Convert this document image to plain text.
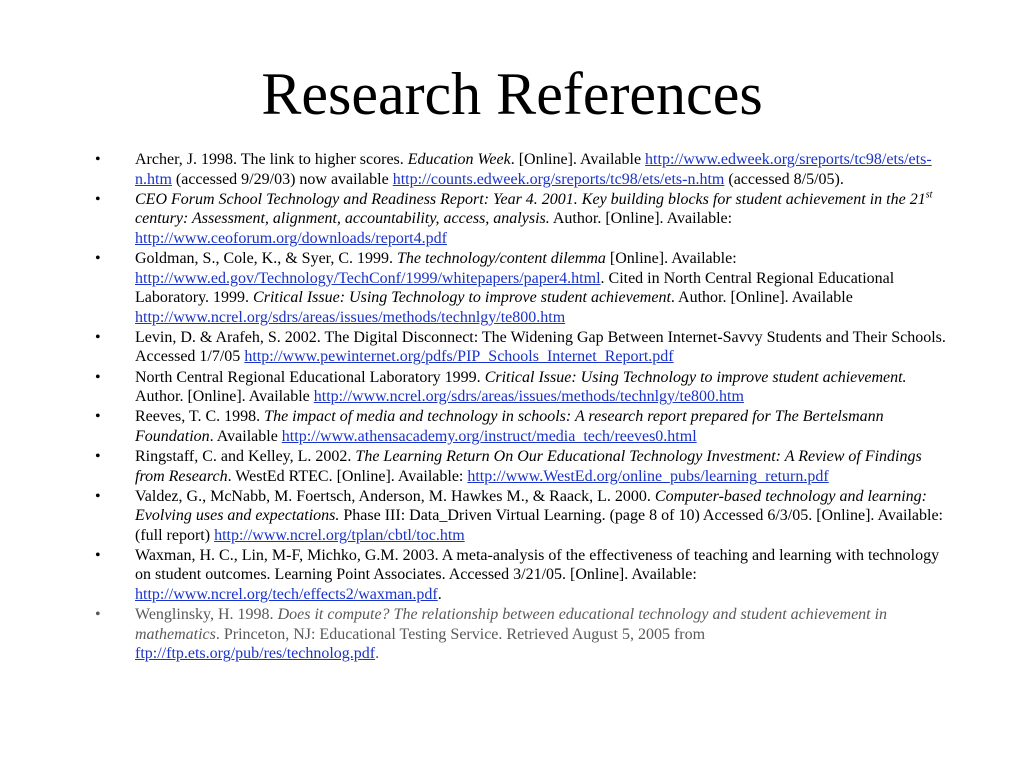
Research References
•	Archer, J. 1998. The link to higher scores. Education Week. [Online]. Available http://www.edweek.org/sreports/tc98/ets/ets-n.htm (accessed 9/29/03) now available http://counts.edweek.org/sreports/tc98/ets/ets-n.htm (accessed 8/5/05).
•	CEO Forum School Technology and Readiness Report: Year 4. 2001. Key building blocks for student achievement in the 21st century: Assessment, alignment, accountability, access, analysis. Author. [Online]. Available: http://www.ceoforum.org/downloads/report4.pdf
•	Goldman, S., Cole, K., & Syer, C. 1999. The technology/content dilemma [Online]. Available: http://www.ed.gov/Technology/TechConf/1999/whitepapers/paper4.html. Cited in North Central Regional Educational Laboratory. 1999. Critical Issue: Using Technology to improve student achievement. Author. [Online]. Available http://www.ncrel.org/sdrs/areas/issues/methods/technlgy/te800.htm
•	Levin, D. & Arafeh, S. 2002. The Digital Disconnect: The Widening Gap Between Internet-Savvy Students and Their Schools. Accessed 1/7/05 http://www.pewinternet.org/pdfs/PIP_Schools_Internet_Report.pdf
•	North Central Regional Educational Laboratory 1999. Critical Issue: Using Technology to improve student achievement. Author. [Online]. Available http://www.ncrel.org/sdrs/areas/issues/methods/technlgy/te800.htm
•	Reeves, T. C. 1998. The impact of media and technology in schools: A research report prepared for The Bertelsmann Foundation. Available http://www.athensacademy.org/instruct/media_tech/reeves0.html
•	Ringstaff, C. and Kelley, L. 2002. The Learning Return On Our Educational Technology Investment: A Review of Findings from Research. WestEd RTEC. [Online]. Available: http://www.WestEd.org/online_pubs/learning_return.pdf
•	Valdez, G., McNabb, M. Foertsch, Anderson, M. Hawkes M., & Raack, L. 2000. Computer-based technology and learning: Evolving uses and expectations. Phase III: Data_Driven Virtual Learning. (page 8 of 10) Accessed 6/3/05. [Online]. Available: (full report) http://www.ncrel.org/tplan/cbtl/toc.htm
•	Waxman, H. C., Lin, M-F, Michko, G.M. 2003. A meta-analysis of the effectiveness of teaching and learning with technology on student outcomes. Learning Point Associates. Accessed 3/21/05. [Online]. Available: http://www.ncrel.org/tech/effects2/waxman.pdf.
•	Wenglinsky, H. 1998. Does it compute? The relationship between educational technology and student achievement in mathematics. Princeton, NJ: Educational Testing Service. Retrieved August 5, 2005 from ftp://ftp.ets.org/pub/res/technolog.pdf.
